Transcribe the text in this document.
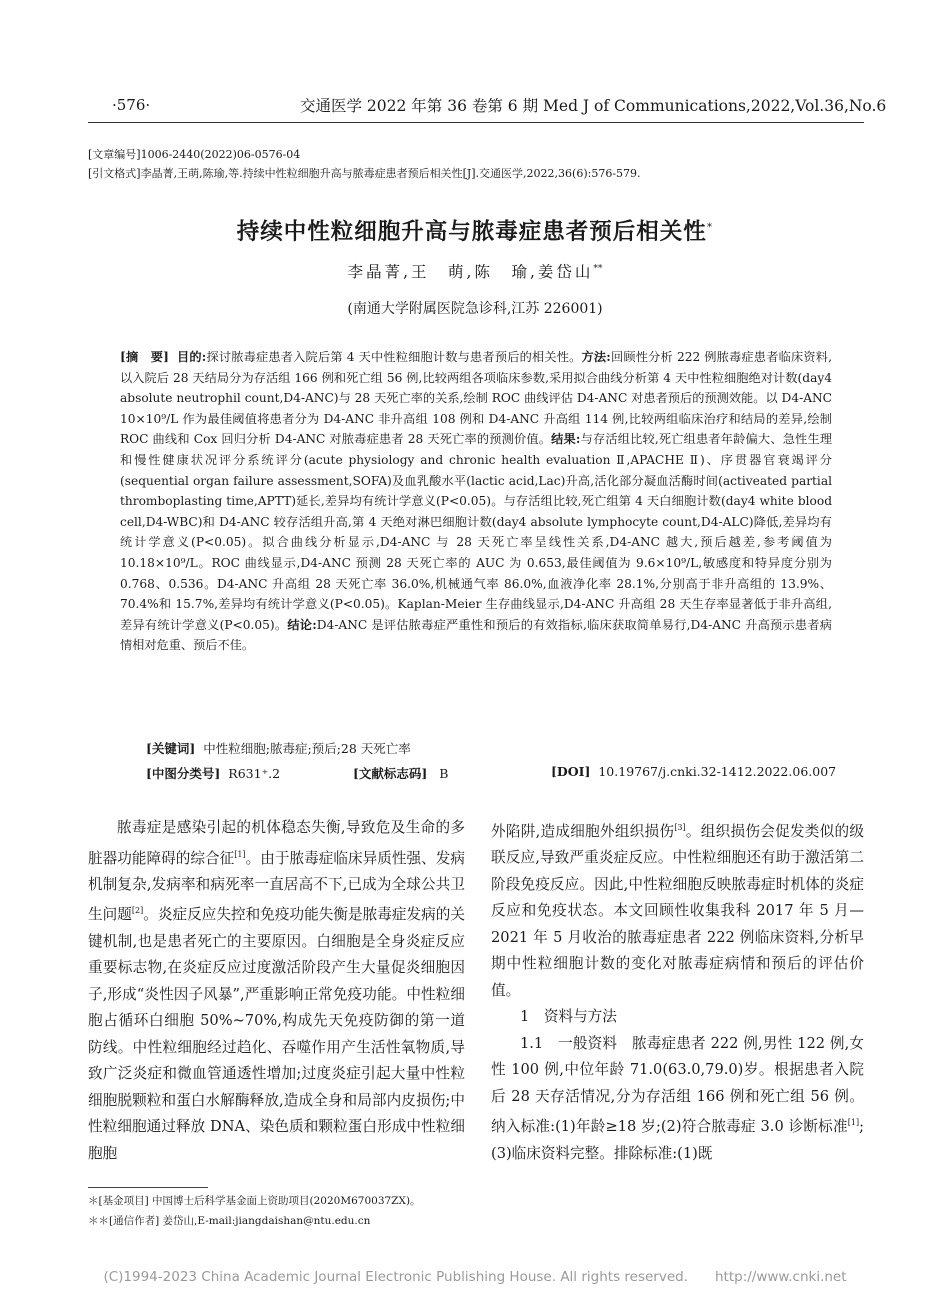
·576·	交通医学 2022 年第 36 卷第 6 期 Med J of Communications,2022,Vol.36,No.6
[文章编号]1006-2440(2022)06-0576-04
[引文格式]李晶菁,王萌,陈瑜,等.持续中性粒细胞升高与脓毒症患者预后相关性[J].交通医学,2022,36(6):576-579.
持续中性粒细胞升高与脓毒症患者预后相关性*
李晶菁,王　萌,陈　瑜,姜岱山**
(南通大学附属医院急诊科,江苏 226001)
[摘　要] 目的:探讨脓毒症患者入院后第 4 天中性粒细胞计数与患者预后的相关性。方法:回顾性分析 222 例脓毒症患者临床资料,以入院后 28 天结局分为存活组 166 例和死亡组 56 例,比较两组各项临床参数,采用拟合曲线分析第 4 天中性粒细胞绝对计数(day4 absolute neutrophil count,D4-ANC)与 28 天死亡率的关系,绘制 ROC 曲线评估 D4-ANC 对患者预后的预测效能。以 D4-ANC 10×10⁹/L 作为最佳阈值将患者分为 D4-ANC 非升高组 108 例和 D4-ANC 升高组 114 例,比较两组临床治疗和结局的差异,绘制 ROC 曲线和 Cox 回归分析 D4-ANC 对脓毒症患者 28 天死亡率的预测价值。结果:与存活组比较,死亡组患者年龄偏大、急性生理和慢性健康状况评分系统评分(acute physiology and chronic health evaluation Ⅱ,APACHE Ⅱ)、序贯器官衰竭评分(sequential organ failure assessment,SOFA)及血乳酸水平(lactic acid,Lac)升高,活化部分凝血活酶时间(activeated partial thromboplasting time,APTT)延长,差异均有统计学意义(P<0.05)。与存活组比较,死亡组第 4 天白细胞计数(day4 white blood cell,D4-WBC)和 D4-ANC 较存活组升高,第 4 天绝对淋巴细胞计数(day4 absolute lymphocyte count,D4-ALC)降低,差异均有统计学意义(P<0.05)。拟合曲线分析显示,D4-ANC 与 28 天死亡率呈线性关系,D4-ANC 越大,预后越差,参考阈值为 10.18×10⁹/L。ROC 曲线显示,D4-ANC 预测 28 天死亡率的 AUC 为 0.653,最佳阈值为 9.6×10⁹/L,敏感度和特异度分别为 0.768、0.536。D4-ANC 升高组 28 天死亡率 36.0%,机械通气率 86.0%,血液净化率 28.1%,分别高于非升高组的 13.9%、70.4%和 15.7%,差异均有统计学意义(P<0.05)。Kaplan-Meier 生存曲线显示,D4-ANC 升高组 28 天生存率显著低于非升高组,差异有统计学意义(P<0.05)。结论:D4-ANC 是评估脓毒症严重性和预后的有效指标,临床获取简单易行,D4-ANC 升高预示患者病情相对危重、预后不佳。
[关键词] 中性粒细胞;脓毒症;预后;28 天死亡率
[中图分类号] R631⁺.2	[文献标志码] B	[DOI] 10.19767/j.cnki.32-1412.2022.06.007

脓毒症是感染引起的机体稳态失衡,导致危及生命的多脏器功能障碍的综合征[1]。由于脓毒症临床异质性强、发病机制复杂,发病率和病死率一直居高不下,已成为全球公共卫生问题[2]。炎症反应失控和免疫功能失衡是脓毒症发病的关键机制,也是患者死亡的主要原因。白细胞是全身炎症反应重要标志物,在炎症反应过度激活阶段产生大量促炎细胞因子,形成“炎性因子风暴”,严重影响正常免疫功能。中性粒细胞占循环白细胞 50%~70%,构成先天免疫防御的第一道防线。中性粒细胞经过趋化、吞噬作用产生活性氧物质,导致广泛炎症和微血管通透性增加;过度炎症引起大量中性粒细胞脱颗粒和蛋白水解酶释放,造成全身和局部内皮损伤;中性粒细胞通过释放 DNA、染色质和颗粒蛋白形成中性粒细胞胞

外陷阱,造成细胞外组织损伤[3]。组织损伤会促发类似的级联反应,导致严重炎症反应。中性粒细胞还有助于激活第二阶段免疫反应。因此,中性粒细胞反映脓毒症时机体的炎症反应和免疫状态。本文回顾性收集我科 2017 年 5 月—2021 年 5 月收治的脓毒症患者 222 例临床资料,分析早期中性粒细胞计数的变化对脓毒症病情和预后的评估价值。

1　资料与方法

1.1　一般资料　脓毒症患者 222 例,男性 122 例,女性 100 例,中位年龄 71.0(63.0,79.0)岁。根据患者入院后 28 天存活情况,分为存活组 166 例和死亡组 56 例。纳入标准:(1)年龄≥18 岁;(2)符合脓毒症 3.0 诊断标准[1];(3)临床资料完整。排除标准:(1)既

＊[基金项目] 中国博士后科学基金面上资助项目(2020M670037ZX)。
＊＊[通信作者] 姜岱山,E-mail:jiangdaishan@ntu.edu.cn
(C)1994-2023 China Academic Journal Electronic Publishing House. All rights reserved.　　http://www.cnki.net
